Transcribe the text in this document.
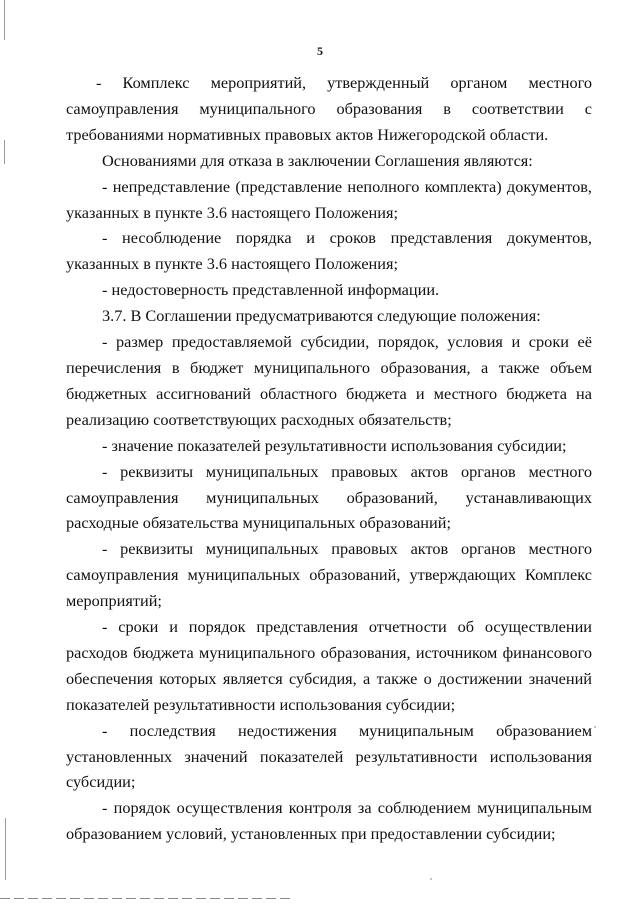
5

- Комплекс мероприятий, утвержденный органом местного самоуправления муниципального образования в соответствии с требованиями нормативных правовых актов Нижегородской области.

Основаниями для отказа в заключении Соглашения являются:

- непредставление (представление неполного комплекта) документов, указанных в пункте 3.6 настоящего Положения;

- несоблюдение порядка и сроков представления документов, указанных в пункте 3.6 настоящего Положения;

- недостоверность представленной информации.

3.7. В Соглашении предусматриваются следующие положения:

- размер предоставляемой субсидии, порядок, условия и сроки её перечисления в бюджет муниципального образования, а также объем бюджетных ассигнований областного бюджета и местного бюджета на реализацию соответствующих расходных обязательств;

- значение показателей результативности использования субсидии;

- реквизиты муниципальных правовых актов органов местного самоуправления муниципальных образований, устанавливающих расходные обязательства муниципальных образований;

- реквизиты муниципальных правовых актов органов местного самоуправления муниципальных образований, утверждающих Комплекс мероприятий;

- сроки и порядок представления отчетности об осуществлении расходов бюджета муниципального образования, источником финансового обеспечения которых является субсидия, а также о достижении значений показателей результативности использования субсидии;

- последствия недостижения муниципальным образованием установленных значений показателей результативности использования субсидии;

- порядок осуществления контроля за соблюдением муниципальным образованием условий, установленных при предоставлении субсидии;
